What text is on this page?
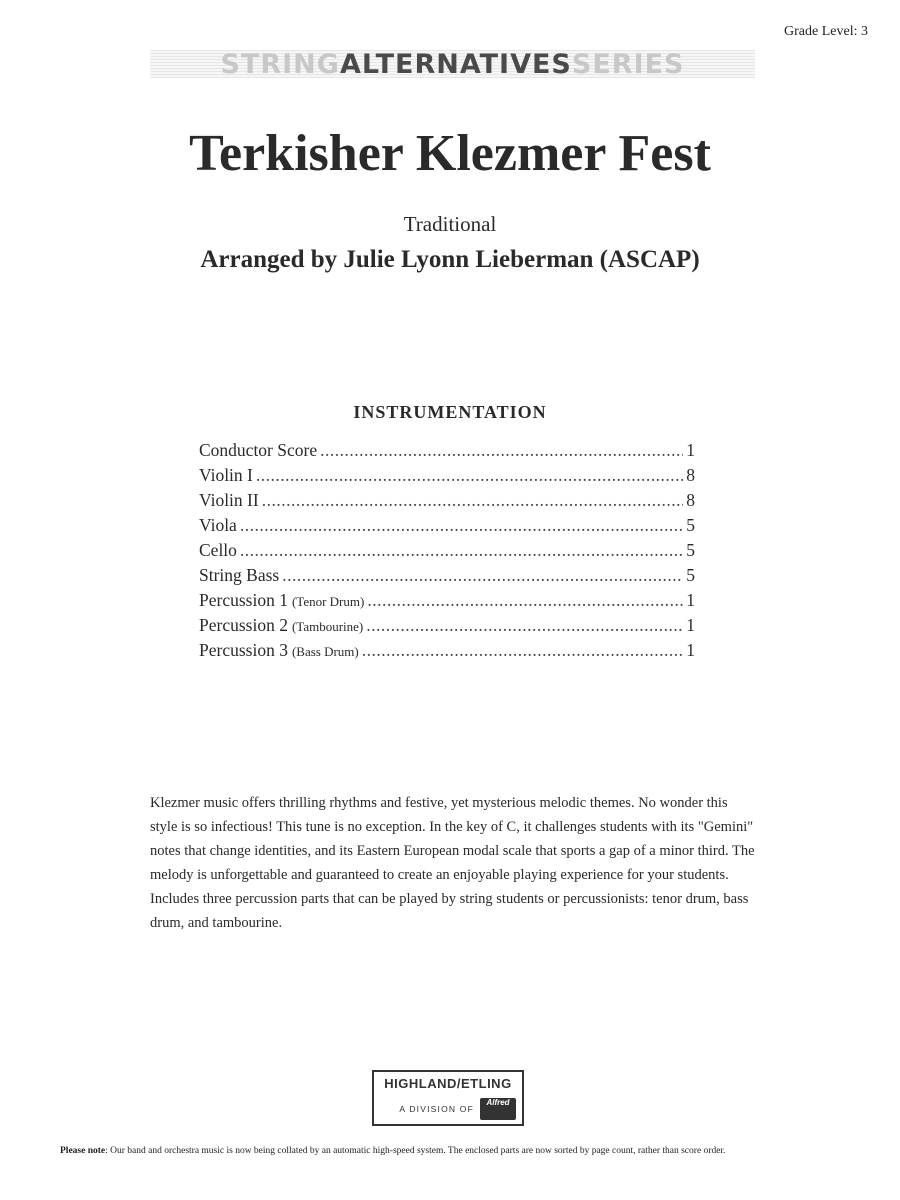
Grade Level: 3
STRING ALTERNATIVES SERIES
Terkisher Klezmer Fest
Traditional
Arranged by Julie Lyonn Lieberman (ASCAP)
INSTRUMENTATION
Conductor Score .....	1
Violin I .....	8
Violin II .....	8
Viola .....	5
Cello .....	5
String Bass .....	5
Percussion 1 (Tenor Drum) .....	1
Percussion 2 (Tambourine) .....	1
Percussion 3 (Bass Drum) .....	1
Klezmer music offers thrilling rhythms and festive, yet mysterious melodic themes. No wonder this style is so infectious! This tune is no exception. In the key of C, it challenges students with its "Gemini" notes that change identities, and its Eastern European modal scale that sports a gap of a minor third. The melody is unforgettable and guaranteed to create an enjoyable playing experience for your students. Includes three percussion parts that can be played by string students or percussionists: tenor drum, bass drum, and tambourine.
HIGHLAND/ETLING
A DIVISION OF
Alfred
Please note: Our band and orchestra music is now being collated by an automatic high-speed system. The enclosed parts are now sorted by page count, rather than score order.
